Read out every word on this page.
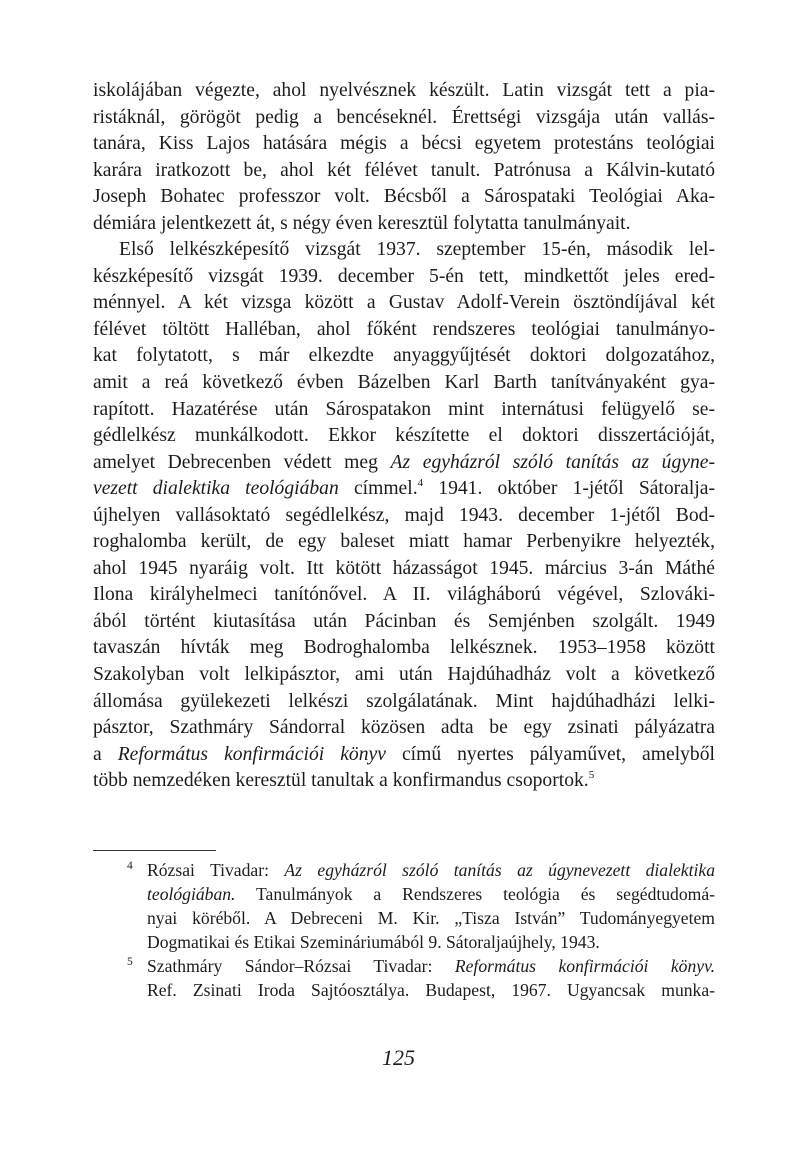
iskolájában végezte, ahol nyelvésznek készült. Latin vizsgát tett a pia-
ristáknál, görögöt pedig a bencéseknél. Érettségi vizsgája után vallás-
tanára, Kiss Lajos hatására mégis a bécsi egyetem protestáns teológiai
karára iratkozott be, ahol két félévet tanult. Patrónusa a Kálvin-kutató
Joseph Bohatec professzor volt. Bécsből a Sárospataki Teológiai Aka-
démiára jelentkezett át, s négy éven keresztül folytatta tanulmányait.
Első lelkészképesítő vizsgát 1937. szeptember 15-én, második lel-
készképesítő vizsgát 1939. december 5-én tett, mindkettőt jeles ered-
ménnyel. A két vizsga között a Gustav Adolf-Verein ösztöndíjával két
félévet töltött Halléban, ahol főként rendszeres teológiai tanulmányo-
kat folytatott, s már elkezdte anyaggyűjtését doktori dolgozatához,
amit a reá következő évben Bázelben Karl Barth tanítványaként gya-
rapított. Hazatérése után Sárospatakon mint internátusi felügyelő se-
gédlelkész munkálkodott. Ekkor készítette el doktori disszertációját,
amelyet Debrecenben védett meg Az egyházról szóló tanítás az úgyne-
vezett dialektika teológiában címmel.$^4$ 1941. október 1-jétől Sátoralja-
újhelyen vallásoktató segédlelkész, majd 1943. december 1-jétől Bod-
roghalomba került, de egy baleset miatt hamar Perbenyikre helyezték,
ahol 1945 nyaráig volt. Itt kötött házasságot 1945. március 3-án Máthé
Ilona királyhelmeci tanítónővel. A II. világháború végével, Szlováki-
ából történt kiutasítása után Pácinban és Semjénben szolgált. 1949
tavaszán hívták meg Bodroghalomba lelkésznek. 1953–1958 között
Szakolyban volt lelkipásztor, ami után Hajdúhadház volt a következő
állomása gyülekezeti lelkészi szolgálatának. Mint hajdúhadházi lelki-
pásztor, Szathmáry Sándorral közösen adta be egy zsinati pályázatra
a Református konfirmációi könyv című nyertes pályaművet, amelyből
több nemzedéken keresztül tanultak a konfirmandus csoportok.$^5$
4 Rózsai Tivadar: Az egyházról szóló tanítás az úgynevezett dialektika
teológiában. Tanulmányok a Rendszeres teológia és segédtudomá-
nyai köréből. A Debreceni M. Kir. „Tisza István” Tudományegyetem
Dogmatikai és Etikai Szemináriumából 9. Sátoraljaújhely, 1943.
5 Szathmáry Sándor–Rózsai Tivadar: Református konfirmációi könyv.
Ref. Zsinati Iroda Sajtóosztálya. Budapest, 1967. Ugyancsak munka-
125
